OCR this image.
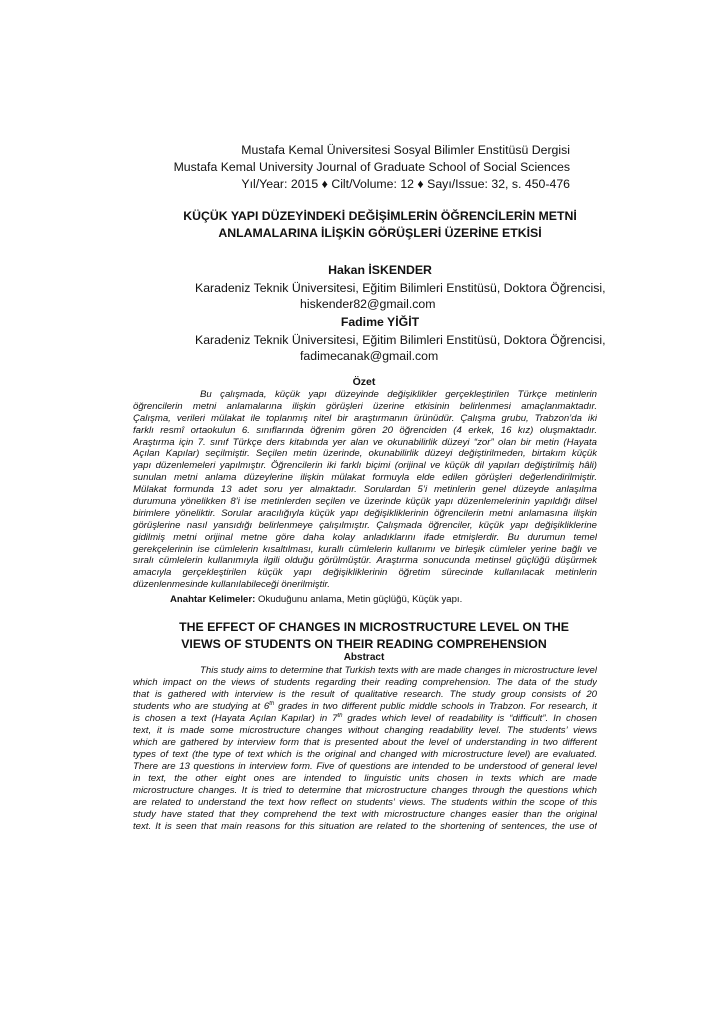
Mustafa Kemal Üniversitesi Sosyal Bilimler Enstitüsü Dergisi
Mustafa Kemal University Journal of Graduate School of Social Sciences
Yıl/Year: 2015 ♦ Cilt/Volume: 12 ♦ Sayı/Issue: 32, s. 450-476
KÜÇÜK YAPI DÜZEYİNDEKİ DEĞİŞİMLERİN ÖĞRENCİLERİN METNİ
ANLAMALARINA İLİŞKİN GÖRÜŞLERİ ÜZERİNE ETKİSİ
Hakan İSKENDER
Karadeniz Teknik Üniversitesi, Eğitim Bilimleri Enstitüsü, Doktora Öğrencisi,
hiskender82@gmail.com
Fadime YİĞİT
Karadeniz Teknik Üniversitesi, Eğitim Bilimleri Enstitüsü, Doktora Öğrencisi,
fadimecanak@gmail.com
Özet
Bu çalışmada, küçük yapı düzeyinde değişiklikler gerçekleştirilen Türkçe metinlerin
öğrencilerin metni anlamalarına ilişkin görüşleri üzerine etkisinin belirlenmesi amaçlanmaktadır.
Çalışma, verileri mülakat ile toplanmış nitel bir araştırmanın ürünüdür. Çalışma grubu, Trabzon’da iki
farklı resmî ortaokulun 6. sınıflarında öğrenim gören 20 öğrenciden (4 erkek, 16 kız) oluşmaktadır.
Araştırma için 7. sınıf Türkçe ders kitabında yer alan ve okunabilirlik düzeyi “zor” olan bir metin (Hayata
Açılan Kapılar) seçilmiştir. Seçilen metin üzerinde, okunabilirlik düzeyi değiştirilmeden, birtakım küçük
yapı düzenlemeleri yapılmıştır. Öğrencilerin iki farklı biçimi (orijinal ve küçük dil yapıları değiştirilmiş hâli)
sunulan metni anlama düzeylerine ilişkin mülakat formuyla elde edilen görüşleri değerlendirilmiştir.
Mülakat formunda 13 adet soru yer almaktadır. Sorulardan 5’i metinlerin genel düzeyde anlaşılma
durumuna yönelikken 8’i ise metinlerden seçilen ve üzerinde küçük yapı düzenlemelerinin yapıldığı dilsel
birimlere yöneliktir. Sorular aracılığıyla küçük yapı değişikliklerinin öğrencilerin metni anlamasına ilişkin
görüşlerine nasıl yansıdığı belirlenmeye çalışılmıştır. Çalışmada öğrenciler, küçük yapı değişikliklerine
gidilmiş metni orijinal metne göre daha kolay anladıklarını ifade etmişlerdir. Bu durumun temel
gerekçelerinin ise cümlelerin kısaltılması, kurallı cümlelerin kullanımı ve birleşik cümleler yerine bağlı ve
sıralı cümlelerin kullanımıyla ilgili olduğu görülmüştür. Araştırma sonucunda metinsel güçlüğü düşürmek
amacıyla gerçekleştirilen küçük yapı değişikliklerinin öğretim sürecinde kullanılacak metinlerin
düzenlenmesinde kullanılabileceği önerilmiştir.
Anahtar Kelimeler: Okuduğunu anlama, Metin güçlüğü, Küçük yapı.
THE EFFECT OF CHANGES IN MICROSTRUCTURE LEVEL ON THE
VIEWS OF STUDENTS ON THEIR READING COMPREHENSION
Abstract
This study aims to determine that Turkish texts with are made changes in microstructure level
which impact on the views of students regarding their reading comprehension. The data of the study
that is gathered with interview is the result of qualitative research. The study group consists of 20
students who are studying at 6th grades in two different public middle schools in Trabzon. For research, it
is chosen a text (Hayata Açılan Kapılar) in 7th grades which level of readability is “difficult”. In chosen
text, it is made some microstructure changes without changing readability level. The students’ views
which are gathered by interview form that is presented about the level of understanding in two different
types of text (the type of text which is the original and changed with microstructure level) are evaluated.
There are 13 questions in interview form. Five of questions are intended to be understood of general level
in text, the other eight ones are intended to linguistic units chosen in texts which are made
microstructure changes. It is tried to determine that microstructure changes through the questions which
are related to understand the text how reflect on students’ views. The students within the scope of this
study have stated that they comprehend the text with microstructure changes easier than the original
text. It is seen that main reasons for this situation are related to the shortening of sentences, the use of
